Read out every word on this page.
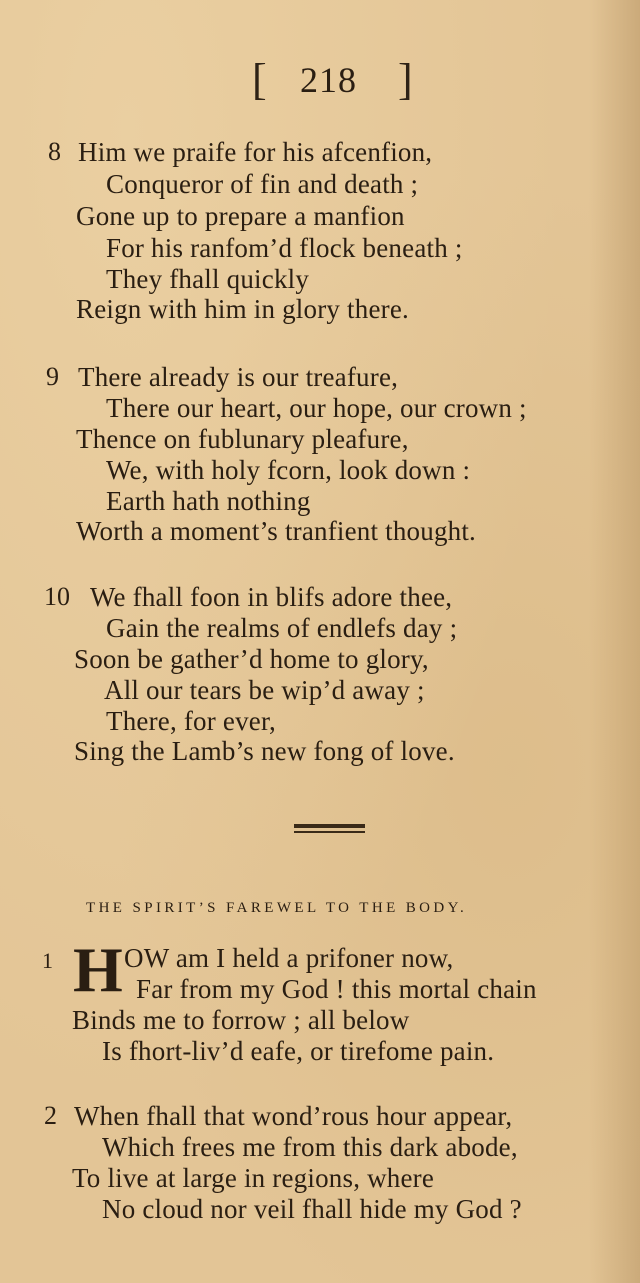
[ 218 ]
8 Him we praife for his afcenfion,
Conqueror of fin and death ;
Gone up to prepare a manfion
For his ranfom’d flock beneath ;
They fhall quickly
Reign with him in glory there.
9 There already is our treafure,
There our heart, our hope, our crown ;
Thence on fublunary pleafure,
We, with holy fcorn, look down :
Earth hath nothing
Worth a moment’s tranfient thought.
10 We fhall foon in blifs adore thee,
Gain the realms of endlefs day ;
Soon be gather’d home to glory,
All our tears be wip’d away ;
There, for ever,
Sing the Lamb’s new fong of love.
THE SPIRIT’S FAREWEL TO THE BODY.
1 H OW am I held a prifoner now,
Far from my God ! this mortal chain
Binds me to forrow ; all below
Is fhort-liv’d eafe, or tirefome pain.
2 When fhall that wond’rous hour appear,
Which frees me from this dark abode,
To live at large in regions, where
No cloud nor veil fhall hide my God ?
